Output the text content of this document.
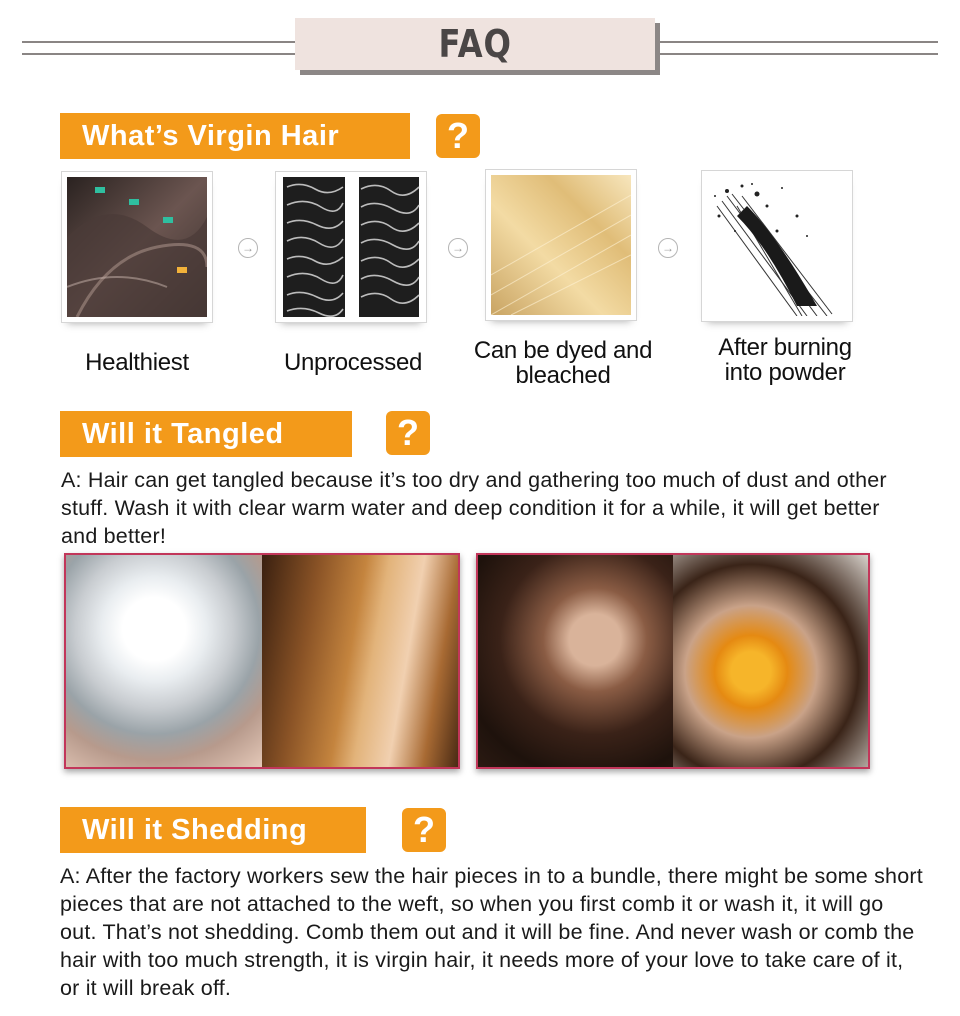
FAQ
What’s Virgin Hair	?
→	→	→
Healthiest	Unprocessed	Can be dyed and bleached
After burning into powder
Will it Tangled	?
A: Hair can get tangled because it’s too dry and gathering too much of dust and other stuff. Wash it with clear warm water and deep condition it for a while, it will get better and better!
Will it Shedding	?
A: After the factory workers sew the hair pieces in to a bundle, there might be some short pieces that are not attached to the weft, so when you first comb it or wash it, it will go out. That’s not shedding. Comb them out and it will be fine. And never wash or comb the hair with too much strength, it is virgin hair, it needs more of your love to take care of it, or it will break off.
